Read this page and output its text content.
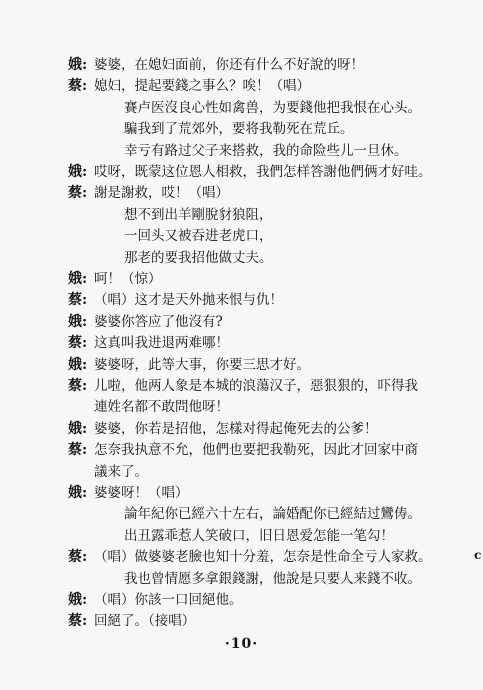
娥: 婆婆，在媳妇面前，你还有什么不好說的呀！
蔡: 媳妇，提起要錢之事么？唉！（唱）
賽卢医沒良心性如禽兽，为要錢他把我恨在心头。
騙我到了荒郊外，要将我勒死在荒丘。
幸亏有路过父子来搭救，我的命险些儿一旦休。
娥: 哎呀，既蒙这位恩人相救，我們怎样答謝他們俩才好哇。
蔡: 謝是謝救，哎！（唱）
想不到出羊剛脫豺狼阻，
一回头又被吞进老虎口，
那老的要我招他做丈夫。
娥: 呵！（惊）
蔡: （唱）这才是天外拋来恨与仇！
娥: 婆婆你答应了他沒有?
蔡: 这真叫我进退两难哪！
娥: 婆婆呀，此等大事，你要三思才好。
蔡: 儿啦，他两人象是本城的浪蕩汉子，惡狠狠的，吓得我
連姓名都不敢問他呀！
娥: 婆婆，你若是招他，怎樣对得起俺死去的公爹！
蔡: 怎奈我执意不允，他們也要把我勒死，因此才回家中商
議来了。
娥: 婆婆呀！（唱）
論年紀你已經六十左右，論婚配你已經結过鸞俦。
出丑露乖惹人笑破口，旧日恩爱怎能一笔勾！
蔡: （唱）做婆婆老臉也知十分羞，怎奈是性命全亏人家救。
我也曾情愿多拿銀錢謝，他說是只要人来錢不收。
娥: （唱）你該一口回絕他。
蔡: 回絕了。（接唱）
·10·
c
